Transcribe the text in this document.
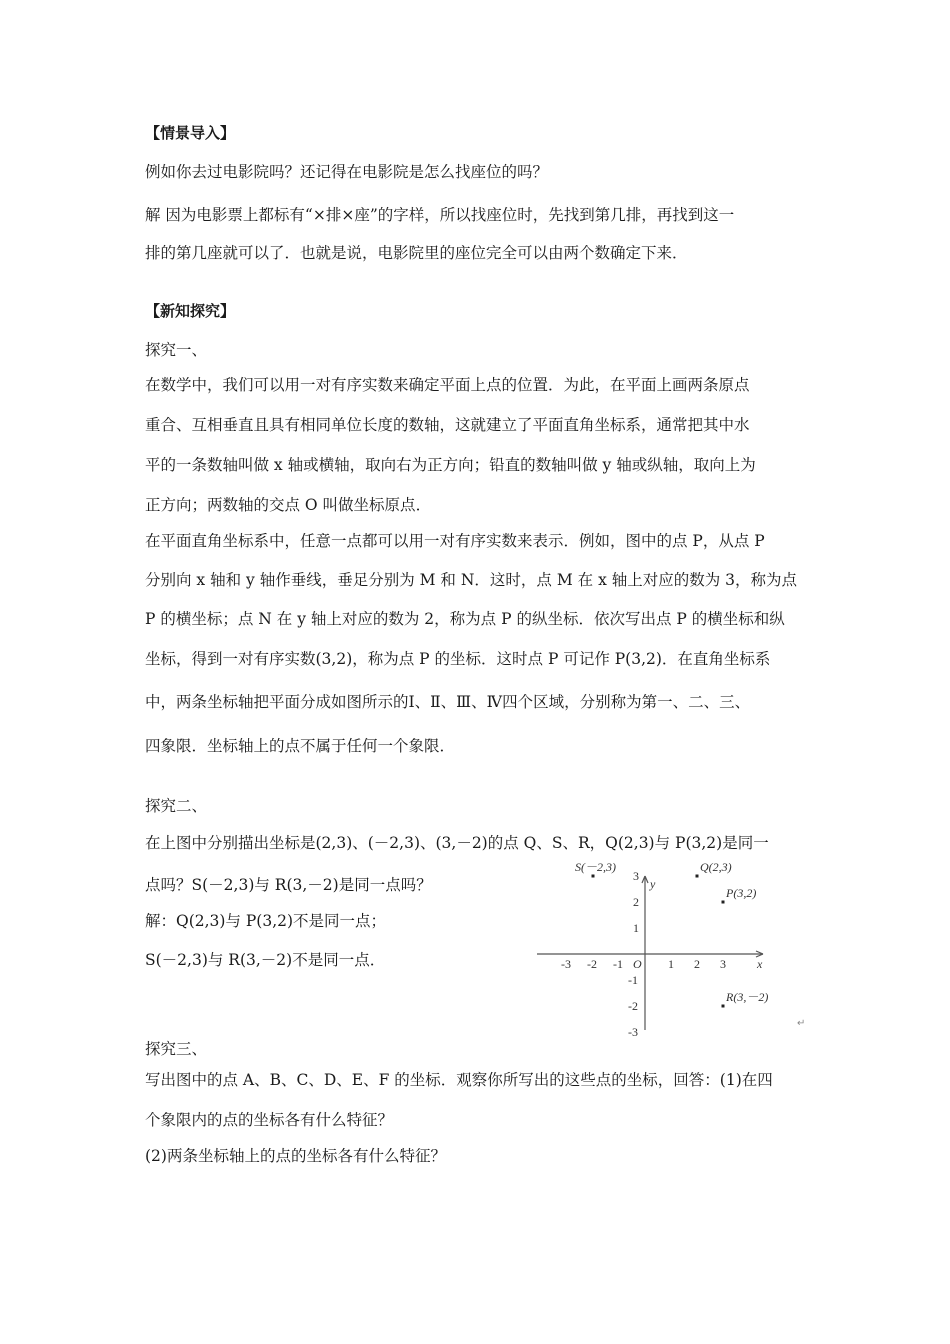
【情景导入】
例如你去过电影院吗？还记得在电影院是怎么找座位的吗？
解 因为电影票上都标有“×排×座”的字样，所以找座位时，先找到第几排，再找到这一
排的第几座就可以了．也就是说，电影院里的座位完全可以由两个数确定下来．
【新知探究】
探究一、
在数学中，我们可以用一对有序实数来确定平面上点的位置．为此，在平面上画两条原点
重合、互相垂直且具有相同单位长度的数轴，这就建立了平面直角坐标系，通常把其中水
平的一条数轴叫做 x 轴或横轴，取向右为正方向；铅直的数轴叫做 y 轴或纵轴，取向上为
正方向；两数轴的交点 O 叫做坐标原点．
在平面直角坐标系中，任意一点都可以用一对有序实数来表示．例如，图中的点 P，从点 P
分别向 x 轴和 y 轴作垂线，垂足分别为 M 和 N．这时，点 M 在 x 轴上对应的数为 3，称为点
P 的横坐标；点 N 在 y 轴上对应的数为 2，称为点 P 的纵坐标．依次写出点 P 的横坐标和纵
坐标，得到一对有序实数(3,2)，称为点 P 的坐标．这时点 P 可记作 P(3,2)．在直角坐标系
中，两条坐标轴把平面分成如图所示的Ⅰ、Ⅱ、Ⅲ、Ⅳ四个区域，分别称为第一、二、三、
四象限．坐标轴上的点不属于任何一个象限．
探究二、
在上图中分别描出坐标是(2,3)、(－2,3)、(3,－2)的点 Q、S、R，Q(2,3)与 P(3,2)是同一
点吗？S(－2,3)与 R(3,－2)是同一点吗？
解：Q(2,3)与 P(3,2)不是同一点；
S(－2,3)与 R(3,－2)不是同一点．	x
y
O
-3 -2 -1	1 2 3
3
2
1
-1
-2
-3
S(－2,3)	Q(2,3)
P(3,2)
R(3,－2)
↵
探究三、
写出图中的点 A、B、C、D、E、F 的坐标．观察你所写出的这些点的坐标，回答：(1)在四
个象限内的点的坐标各有什么特征？
(2)两条坐标轴上的点的坐标各有什么特征？
